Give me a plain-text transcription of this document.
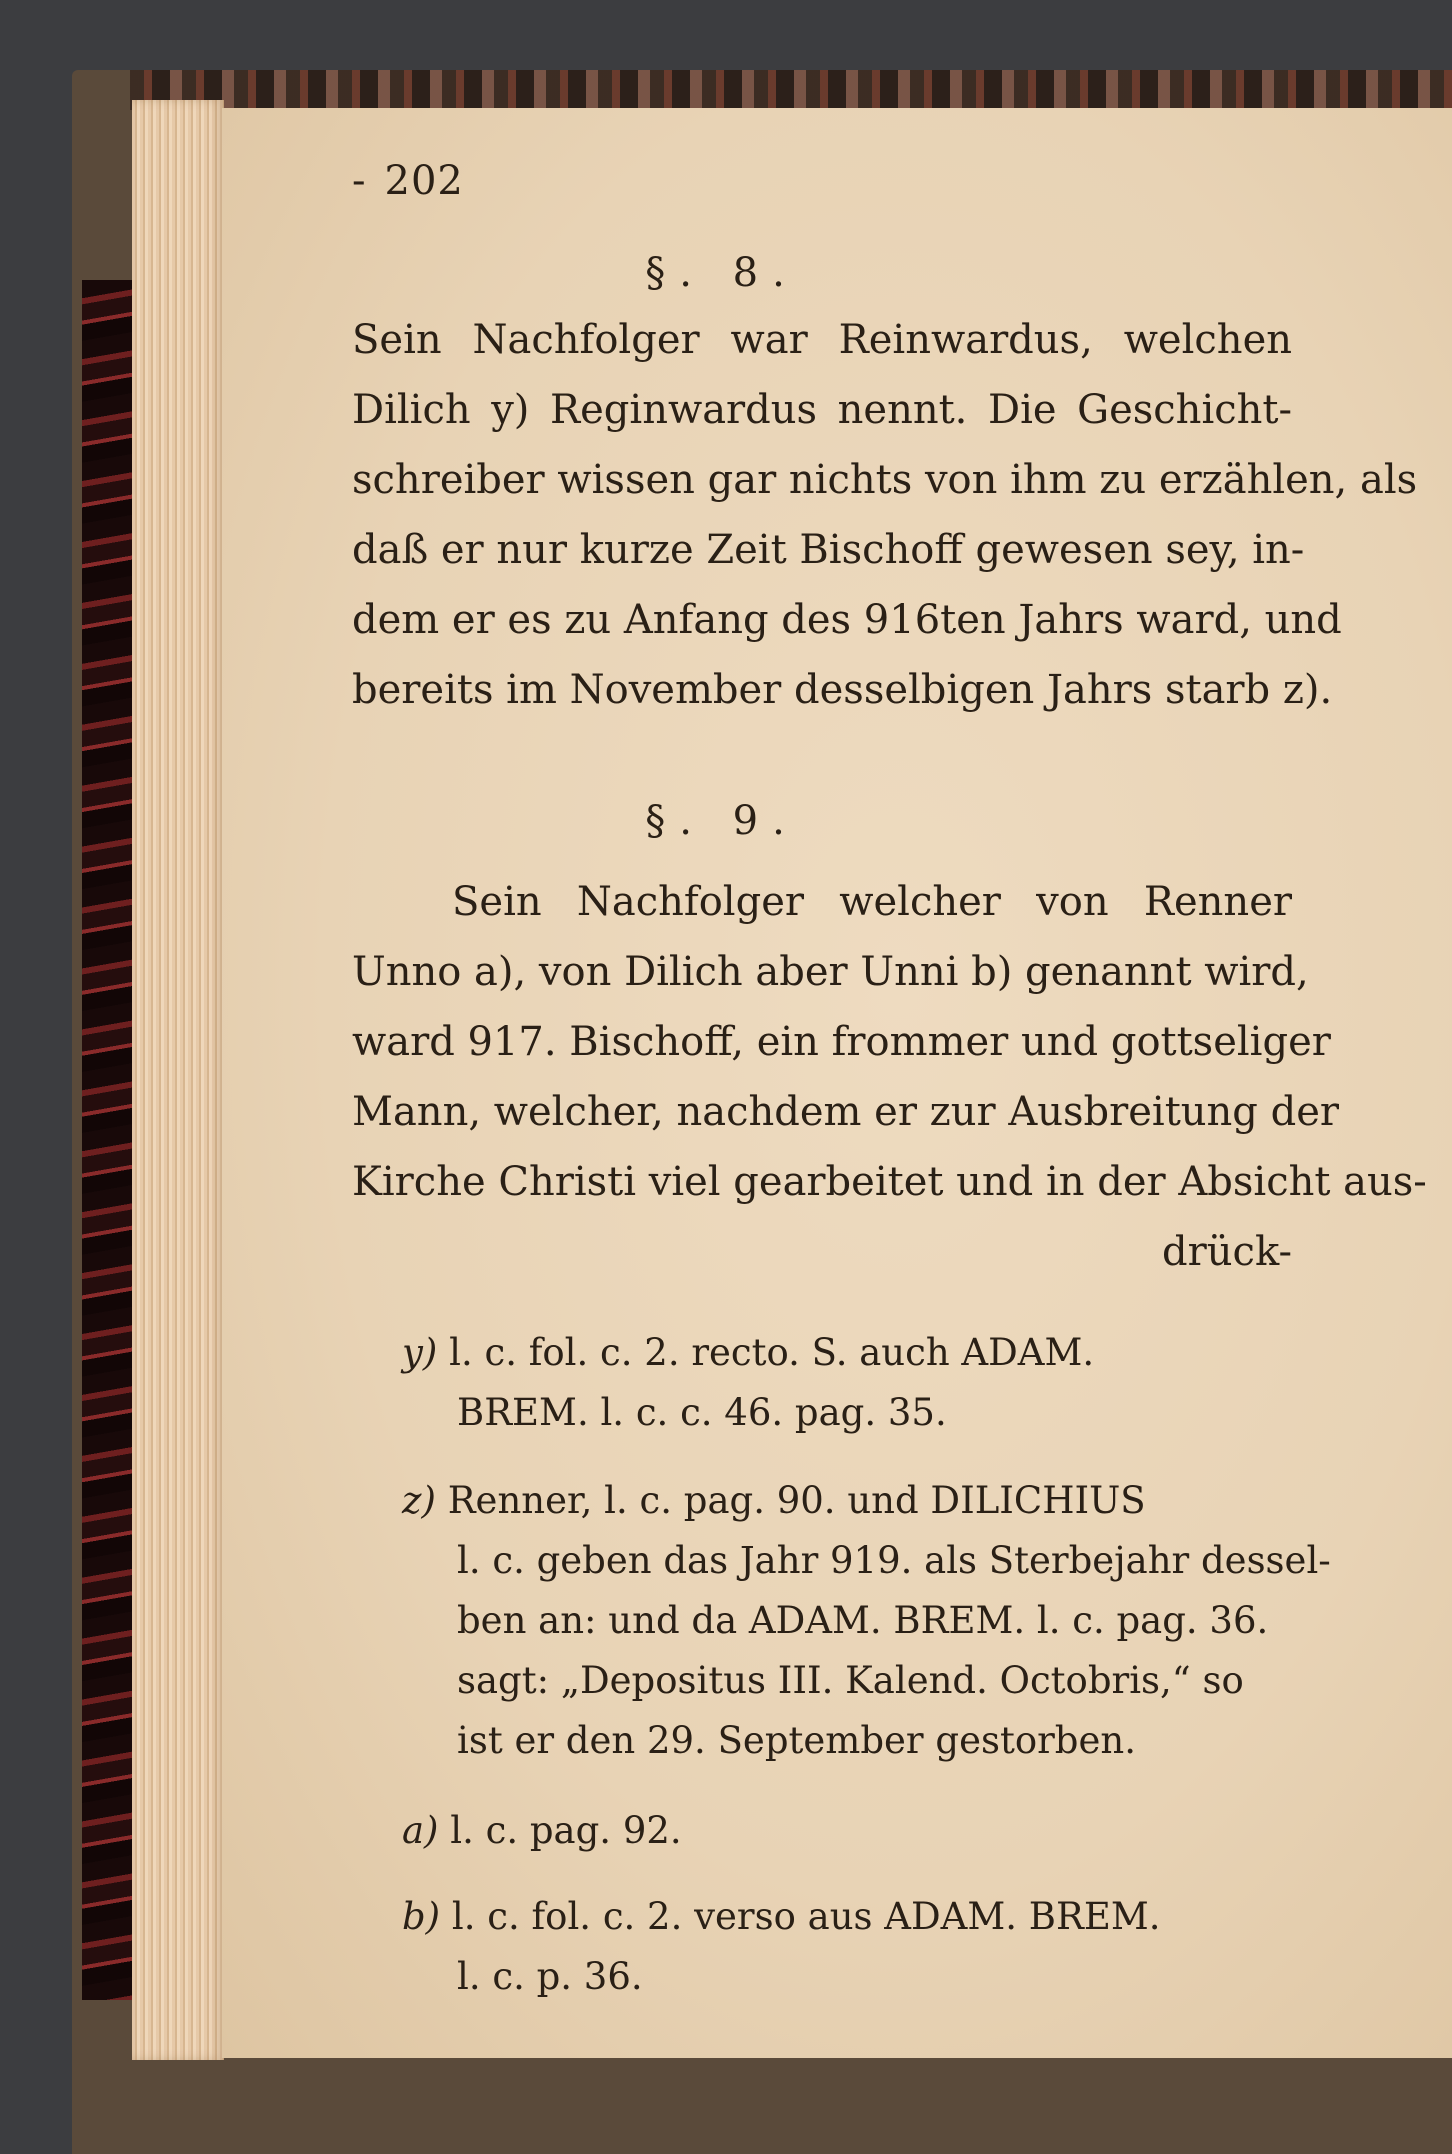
- 202
§. 8.
Sein Nachfolger war Reinwardus, welchen
Dilich y) Reginwardus nennt. Die Geschicht-
schreiber wissen gar nichts von ihm zu erzählen, als
daß er nur kurze Zeit Bischoff gewesen sey, in-
dem er es zu Anfang des 916ten Jahrs ward, und
bereits im November desselbigen Jahrs starb z).
§. 9.
Sein Nachfolger welcher von Renner
Unno a), von Dilich aber Unni b) genannt wird,
ward 917. Bischoff, ein frommer und gottseliger
Mann, welcher, nachdem er zur Ausbreitung der
Kirche Christi viel gearbeitet und in der Absicht aus-
drück-
y) l. c. fol. c. 2. recto. S. auch ADAM.
BREM. l. c. c. 46. pag. 35.
z) Renner, l. c. pag. 90. und DILICHIUS
l. c. geben das Jahr 919. als Sterbejahr dessel-
ben an: und da ADAM. BREM. l. c. pag. 36.
sagt: „Depositus III. Kalend. Octobris,“ so
ist er den 29. September gestorben.
a) l. c. pag. 92.
b) l. c. fol. c. 2. verso aus ADAM. BREM.
l. c. p. 36.
